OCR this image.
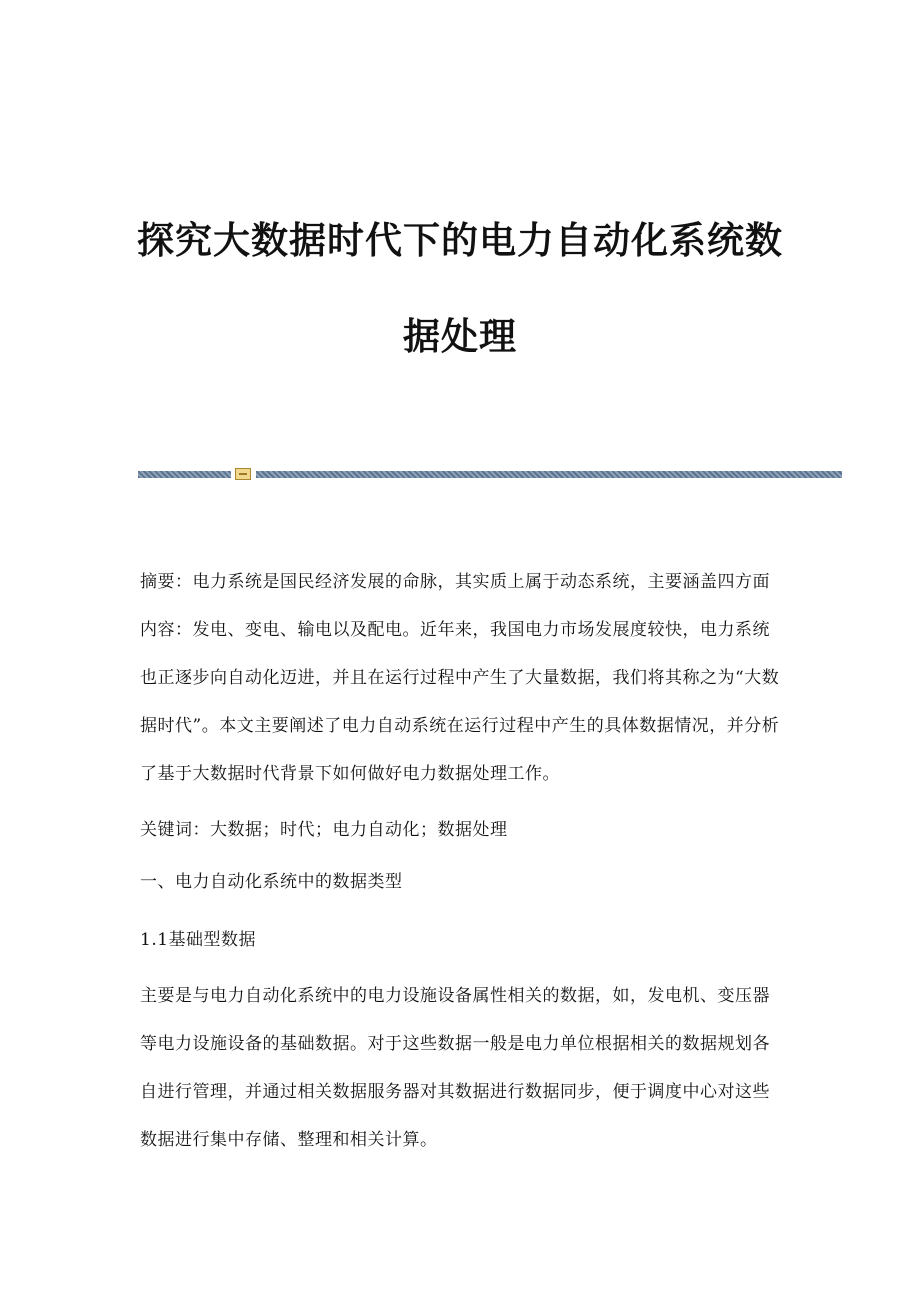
探究大数据时代下的电力自动化系统数
据处理

摘要：电力系统是国民经济发展的命脉，其实质上属于动态系统，主要涵盖四方面内容：发电、变电、输电以及配电。近年来，我国电力市场发展度较快，电力系统也正逐步向自动化迈进，并且在运行过程中产生了大量数据，我们将其称之为“大数据时代”。本文主要阐述了电力自动系统在运行过程中产生的具体数据情况，并分析了基于大数据时代背景下如何做好电力数据处理工作。

关键词：大数据；时代；电力自动化；数据处理

一、电力自动化系统中的数据类型

1.1基础型数据

主要是与电力自动化系统中的电力设施设备属性相关的数据，如，发电机、变压器等电力设施设备的基础数据。对于这些数据一般是电力单位根据相关的数据规划各自进行管理，并通过相关数据服务器对其数据进行数据同步，便于调度中心对这些数据进行集中存储、整理和相关计算。
